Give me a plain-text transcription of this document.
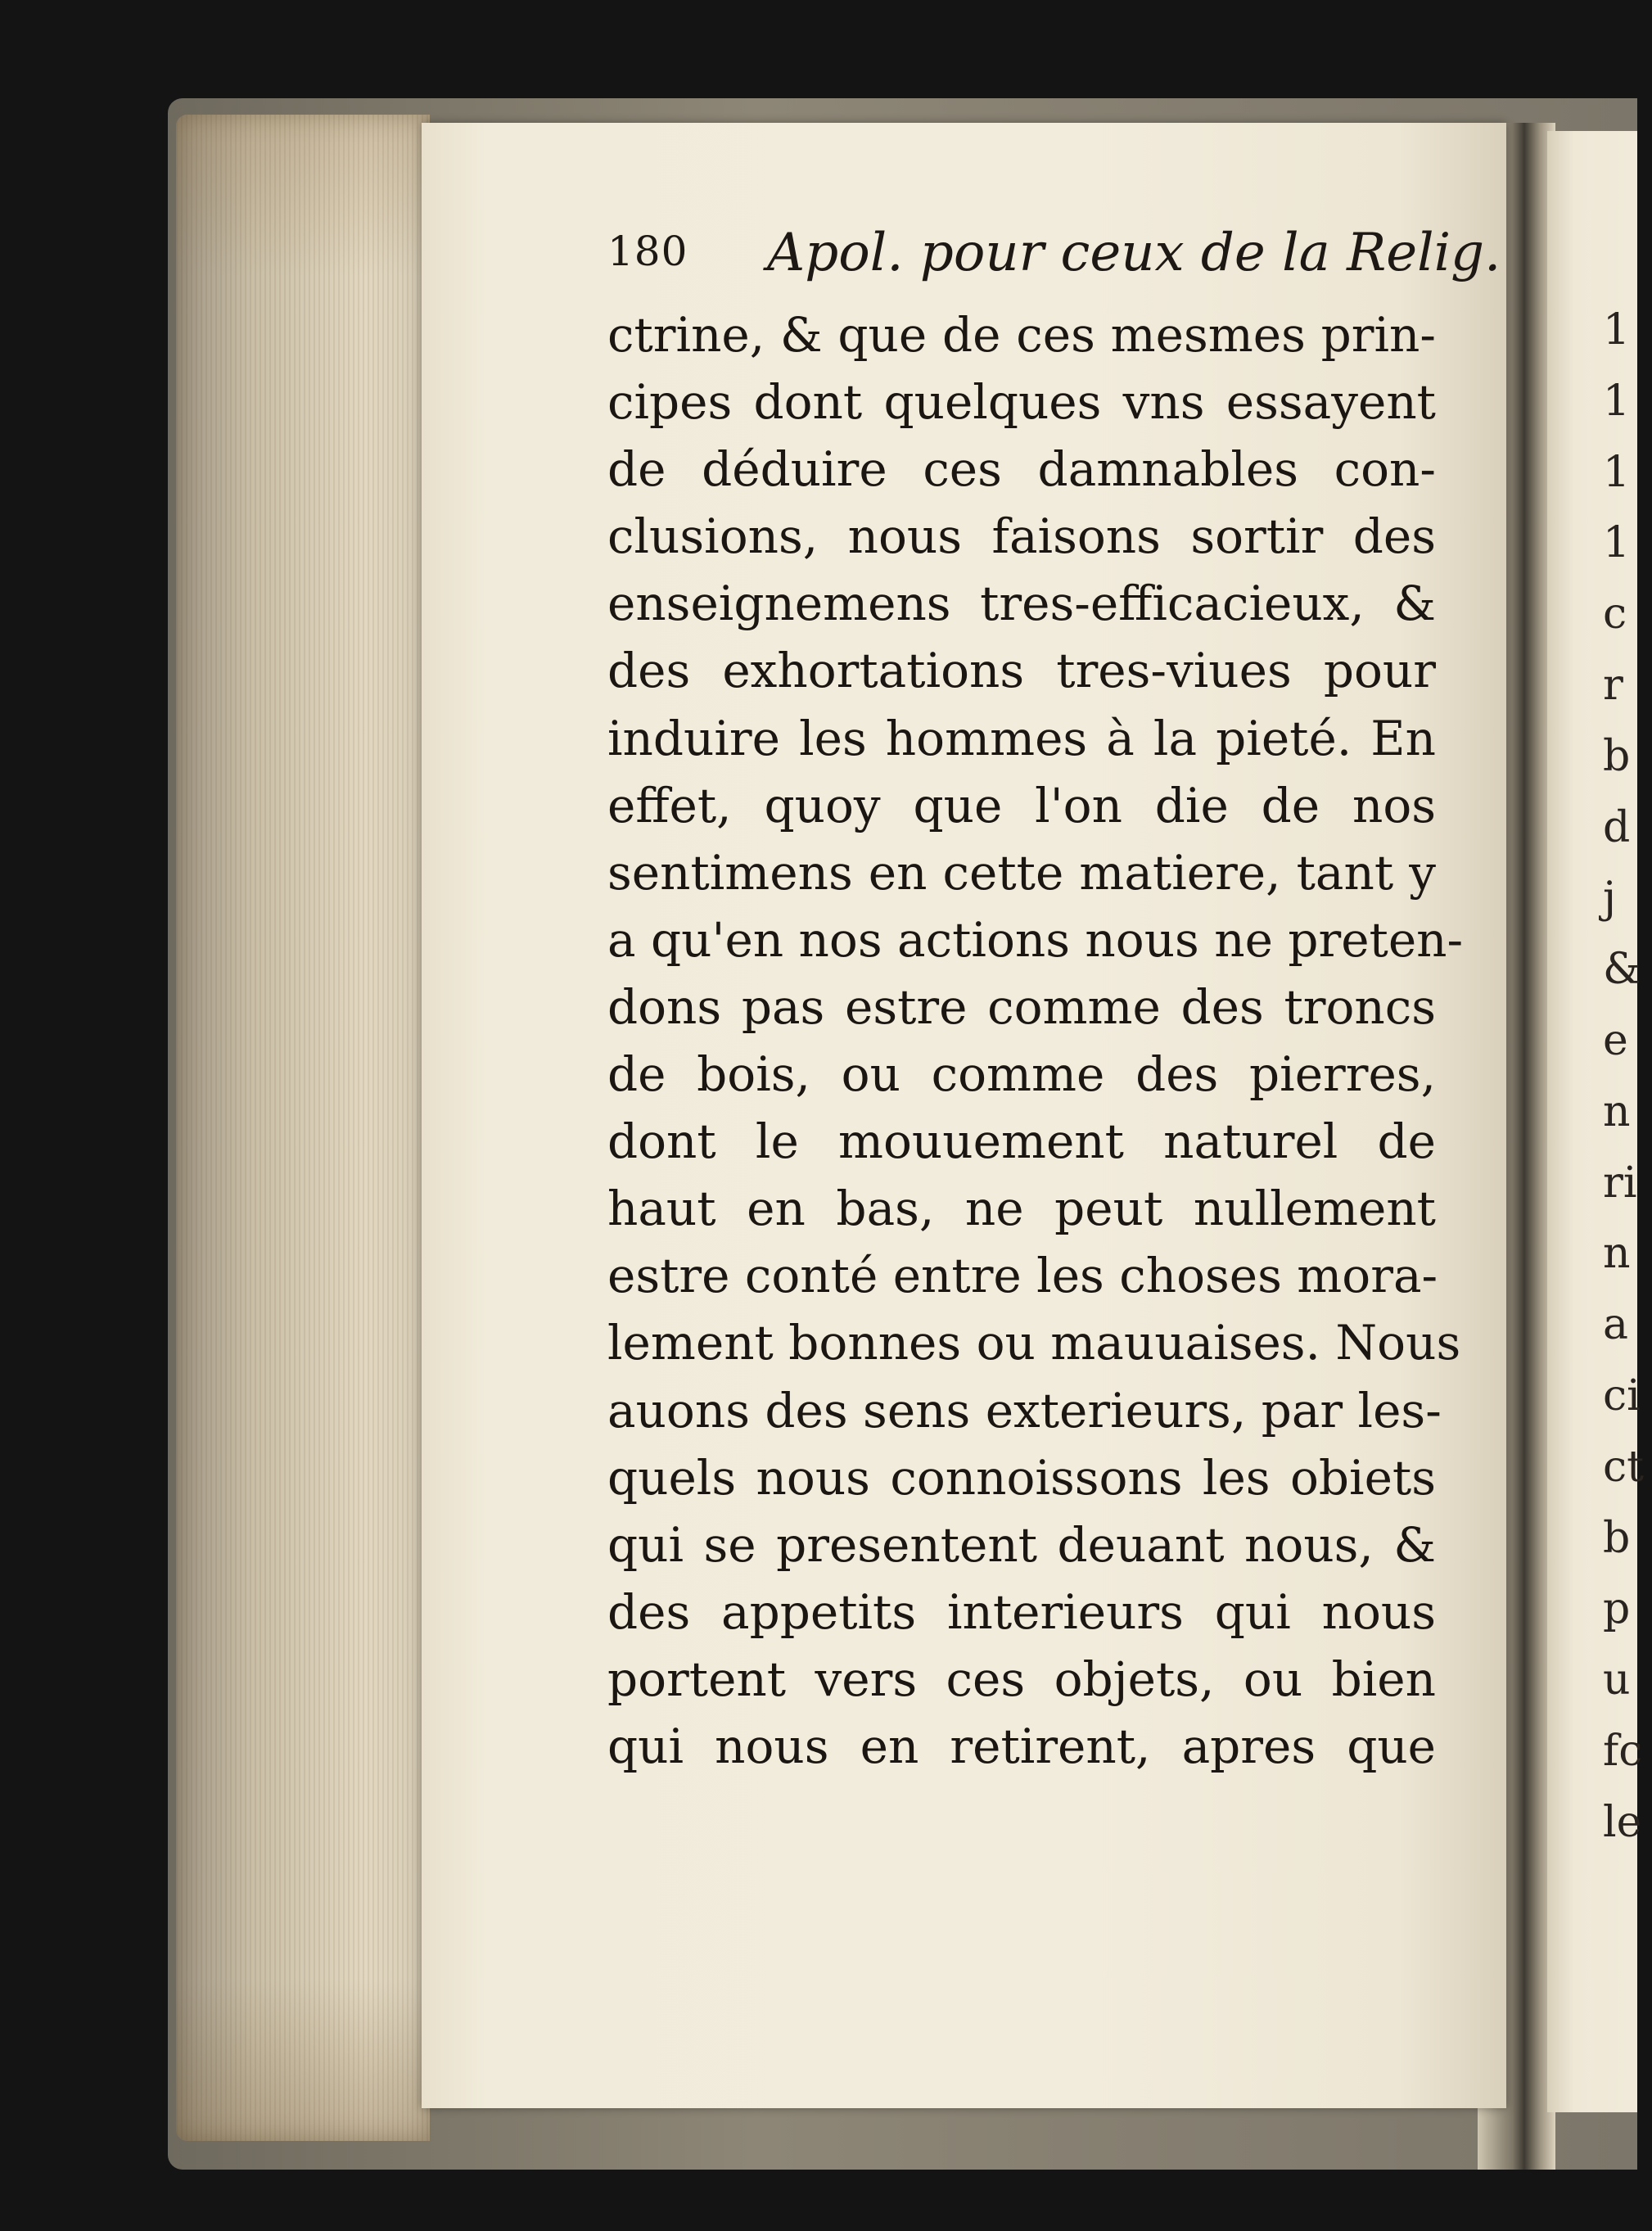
1
1
1
1
c
r
b
d
j
&
e
n
ri
n
a
ci
ct
b
p
u
fc
le
180 Apol. pour ceux de la Relig.
ctrine, & que de ces mesmes prin-
cipes dont quelques vns essayent
de déduire ces damnables con-
clusions, nous faisons sortir des
enseignemens tres-efficacieux, &
des exhortations tres-viues pour
induire les hommes à la pieté. En
effet, quoy que l'on die de nos
sentimens en cette matiere, tant y
a qu'en nos actions nous ne preten-
dons pas estre comme des troncs
de bois, ou comme des pierres,
dont le mouuement naturel de
haut en bas, ne peut nullement
estre conté entre les choses mora-
lement bonnes ou mauuaises. Nous
auons des sens exterieurs, par les-
quels nous connoissons les obiets
qui se presentent deuant nous, &
des appetits interieurs qui nous
portent vers ces objets, ou bien
qui nous en retirent, apres que
